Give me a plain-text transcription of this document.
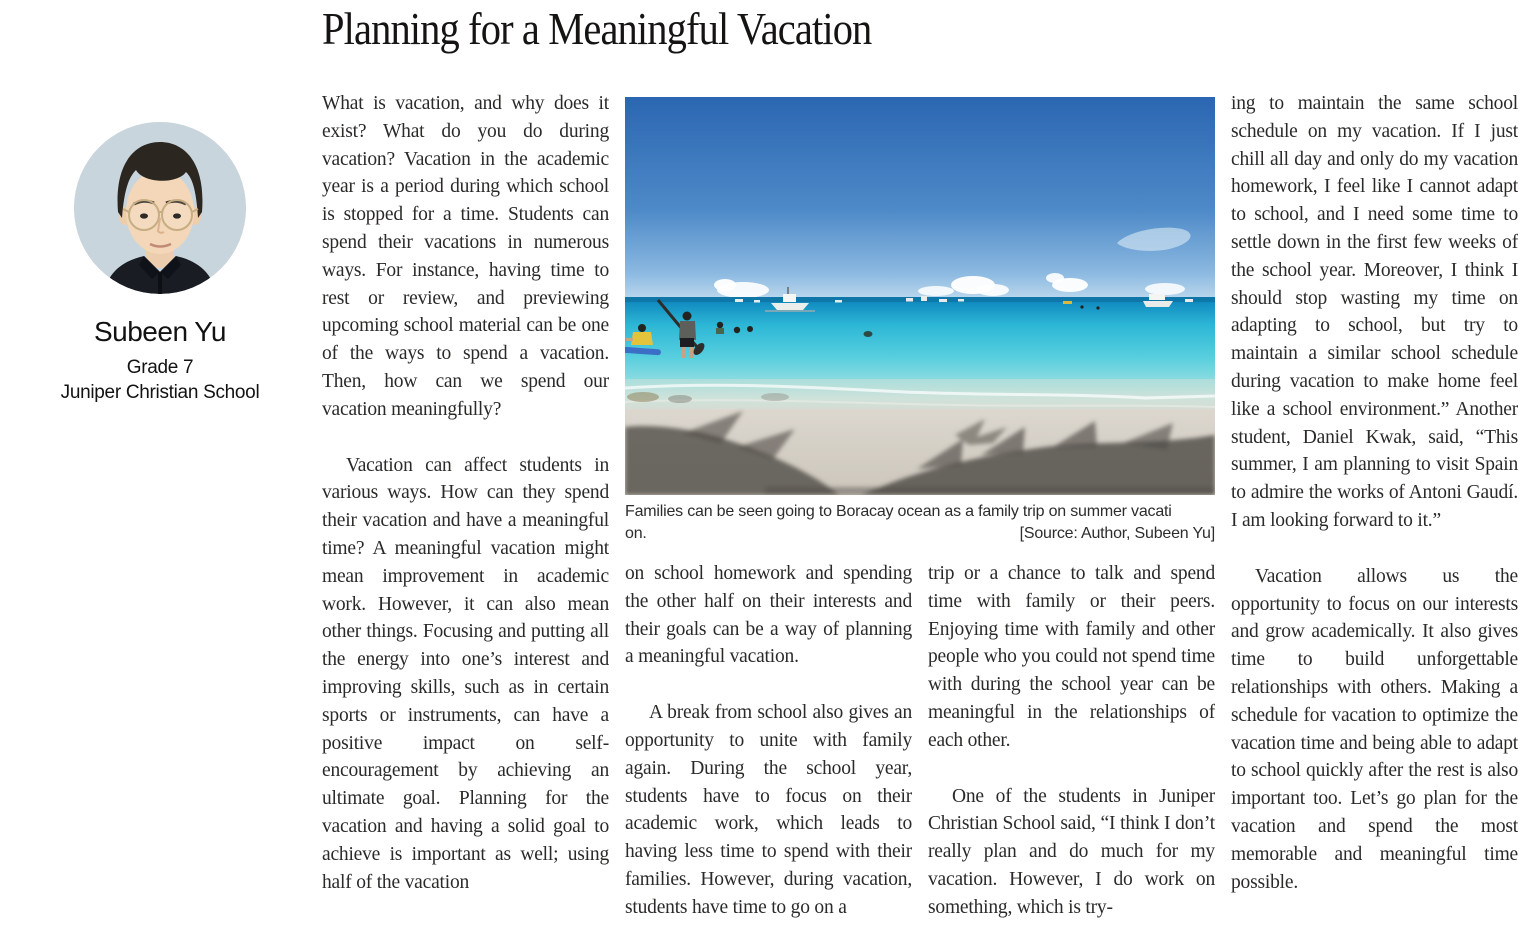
Planning for a Meaningful Vacation
Subeen Yu
Grade 7
Juniper Christian School

What is vacation, and why does it exist? What do you do during vacation? Vacation in the academic year is a period during which school is stopped for a time. Students can spend their vacations in numerous ways. For instance, having time to rest or review, and previewing upcoming school material can be one of the ways to spend a vacation. Then, how can we spend our vacation meaningfully?

Vacation can affect students in various ways. How can they spend their vacation and have a meaningful time? A meaningful vacation might mean improvement in academic work. However, it can also mean other things. Focusing and putting all the energy into one’s interest and improving skills, such as in certain sports or instruments, can have a positive impact on self-encouragement by achieving an ultimate goal. Planning for the vacation and having a solid goal to achieve is important as well; using half of the vacation

Families can be seen going to Boracay ocean as a family trip on summer vacati
on.	[Source: Author, Subeen Yu]

on school homework and spending the other half on their interests and their goals can be a way of planning a meaningful vacation.

A break from school also gives an opportunity to unite with family again. During the school year, students have to focus on their academic work, which leads to having less time to spend with their families. However, during vacation, students have time to go on a

trip or a chance to talk and spend time with family or their peers. Enjoying time with family and other people who you could not spend time with during the school year can be meaningful in the relationships of each other.

One of the students in Juniper Christian School said, “I think I don’t really plan and do much for my vacation. However, I do work on something, which is try-

ing to maintain the same school schedule on my vacation. If I just chill all day and only do my vacation homework, I feel like I cannot adapt to school, and I need some time to settle down in the first few weeks of the school year. Moreover, I think I should stop wasting my time on adapting to school, but try to maintain a similar school schedule during vacation to make home feel like a school environment.” Another student, Daniel Kwak, said, “This summer, I am planning to visit Spain to admire the works of Antoni Gaudí. I am looking forward to it.”

Vacation allows us the opportunity to focus on our interests and grow academically. It also gives time to build unforgettable relationships with others. Making a schedule for vacation to optimize the vacation time and being able to adapt to school quickly after the rest is also important too. Let’s go plan for the vacation and spend the most memorable and meaningful time possible.
